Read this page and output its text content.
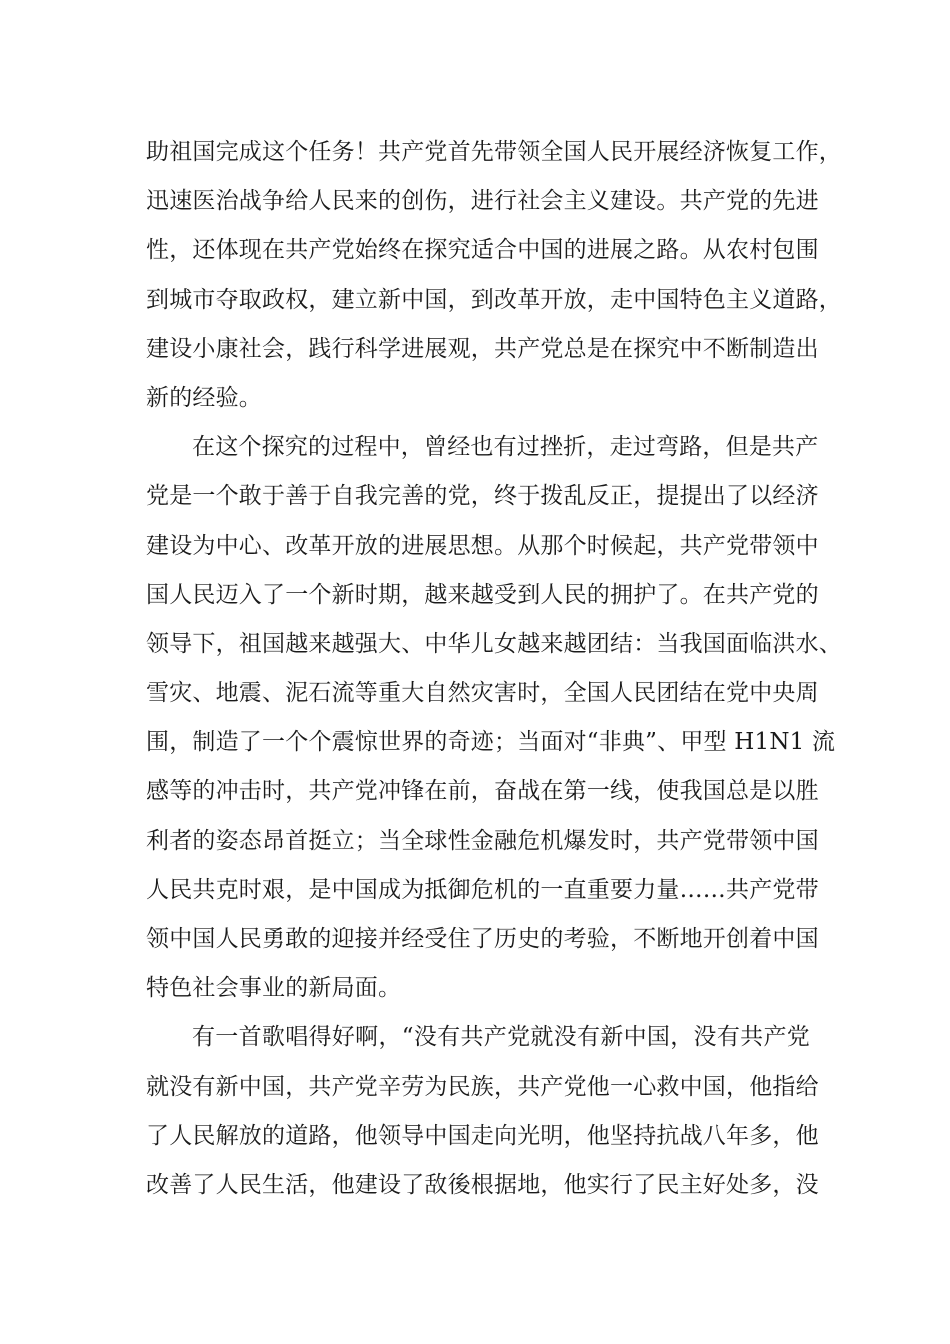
助祖国完成这个任务！共产党首先带领全国人民开展经济恢复工作，
迅速医治战争给人民来的创伤，进行社会主义建设。共产党的先进
性，还体现在共产党始终在探究适合中国的进展之路。从农村包围
到城市夺取政权，建立新中国，到改革开放，走中国特色主义道路，
建设小康社会，践行科学进展观，共产党总是在探究中不断制造出
新的经验。
在这个探究的过程中，曾经也有过挫折，走过弯路，但是共产
党是一个敢于善于自我完善的党，终于拨乱反正，提提出了以经济
建设为中心、改革开放的进展思想。从那个时候起，共产党带领中
国人民迈入了一个新时期，越来越受到人民的拥护了。在共产党的
领导下，祖国越来越强大、中华儿女越来越团结：当我国面临洪水、
雪灾、地震、泥石流等重大自然灾害时，全国人民团结在党中央周
围，制造了一个个震惊世界的奇迹；当面对“非典”、甲型 H1N1 流
感等的冲击时，共产党冲锋在前，奋战在第一线，使我国总是以胜
利者的姿态昂首挺立；当全球性金融危机爆发时，共产党带领中国
人民共克时艰，是中国成为抵御危机的一直重要力量……共产党带
领中国人民勇敢的迎接并经受住了历史的考验，不断地开创着中国
特色社会事业的新局面。
有一首歌唱得好啊，“没有共产党就没有新中国，没有共产党
就没有新中国，共产党辛劳为民族，共产党他一心救中国，他指给
了人民解放的道路，他领导中国走向光明，他坚持抗战八年多，他
改善了人民生活，他建设了敌後根据地，他实行了民主好处多，没
